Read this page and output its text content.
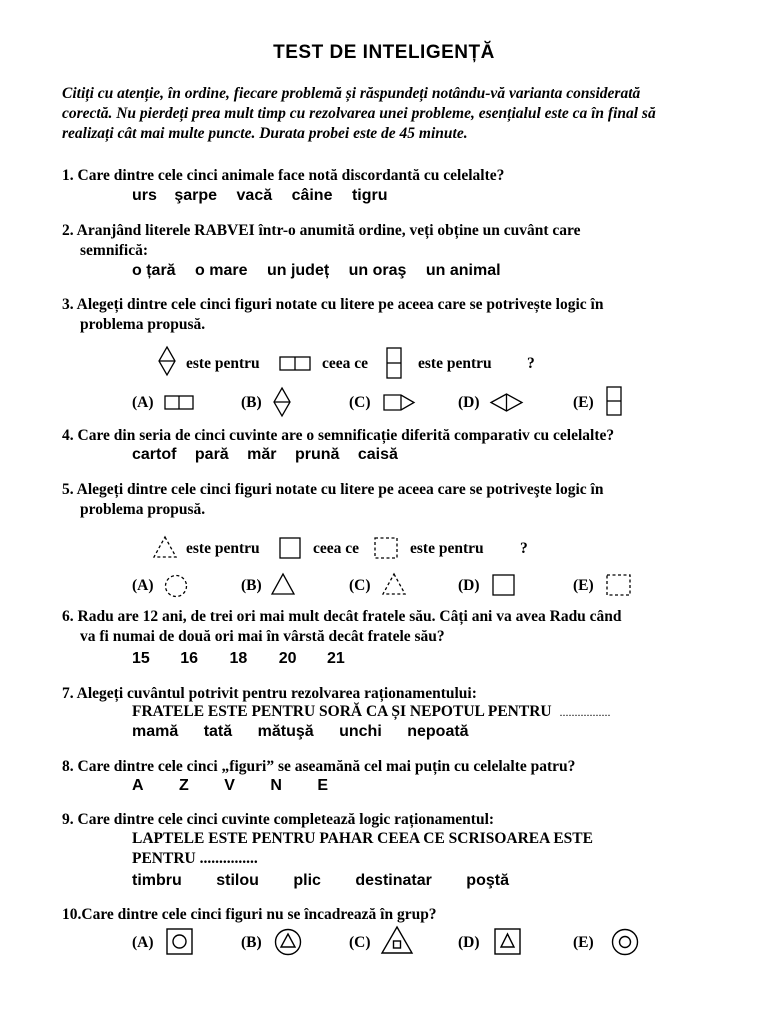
TEST DE INTELIGENȚĂ
Citiți cu atenție, în ordine, fiecare problemă și răspundeți notându-vă varianta considerată corectă. Nu pierdeți prea mult timp cu rezolvarea unei probleme, esențialul este ca în final să realizați cât mai multe puncte. Durata probei este de 45 minute.
1. Care dintre cele cinci animale face notă discordantă cu celelalte?
urs şarpe vacă câine tigru
2. Aranjând literele RABVEI într-o anumită ordine, veți obține un cuvânt care
semnifică:
o țară o mare un județ un oraş un animal
3. Alegeți dintre cele cinci figuri notate cu litere pe aceea care se potrivește logic în
problema propusă.
este pentru	ceea ce	este pentru ?
(A)	(B)	(C)	(D)	(E)
4. Care din seria de cinci cuvinte are o semnificație diferită comparativ cu celelalte?
cartof pară măr prună caisă
5. Alegeți dintre cele cinci figuri notate cu litere pe aceea care se potriveşte logic în
problema propusă.
este pentru	ceea ce	este pentru ?
(A)	(B)	(C)	(D)	(E)
6. Radu are 12 ani, de trei ori mai mult decât fratele său. Câți ani va avea Radu când
va fi numai de două ori mai în vârstă decât fratele său?
15 16 18 20 21
7. Alegeți cuvântul potrivit pentru rezolvarea raționamentului:
FRATELE ESTE PENTRU SORĂ CA ȘI NEPOTUL PENTRU .................
mamă tată mătuşă unchi nepoată
8. Care dintre cele cinci „figuri” se aseamănă cel mai puțin cu celelalte patru?
A Z V N E
9. Care dintre cele cinci cuvinte completează logic raționamentul:
LAPTELE ESTE PENTRU PAHAR CEEA CE SCRISOAREA ESTE
PENTRU ...............
timbru stilou plic destinatar poştă
10.Care dintre cele cinci figuri nu se încadrează în grup?
(A)	(B)	(C)	(D)	(E)
